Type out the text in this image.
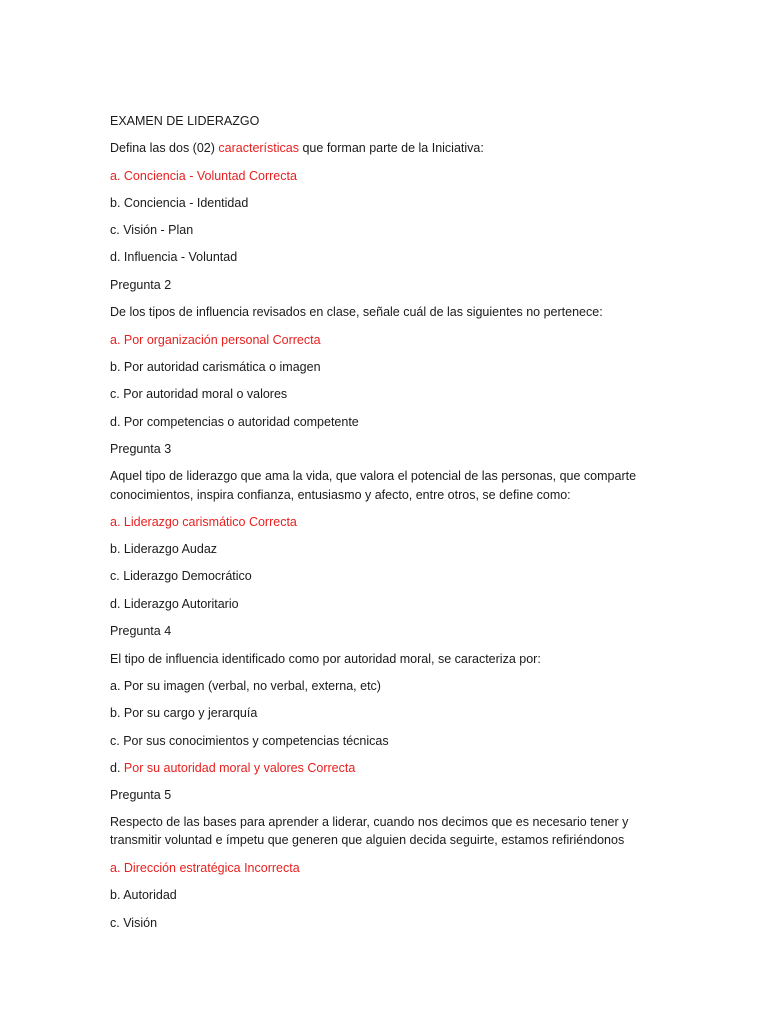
EXAMEN DE LIDERAZGO
Defina las dos (02) características que forman parte de la Iniciativa:
a. Conciencia - Voluntad Correcta
b. Conciencia - Identidad
c. Visión - Plan
d. Influencia - Voluntad
Pregunta 2
De los tipos de influencia revisados en clase, señale cuál de las siguientes no pertenece:
a. Por organización personal Correcta
b. Por autoridad carismática o imagen
c. Por autoridad moral o valores
d. Por competencias o autoridad competente
Pregunta 3
Aquel tipo de liderazgo que ama la vida, que valora el potencial de las personas, que comparte
conocimientos, inspira confianza, entusiasmo y afecto, entre otros, se define como:
a. Liderazgo carismático Correcta
b. Liderazgo Audaz
c. Liderazgo Democrático
d. Liderazgo Autoritario
Pregunta 4
El tipo de influencia identificado como por autoridad moral, se caracteriza por:
a. Por su imagen (verbal, no verbal, externa, etc)
b. Por su cargo y jerarquía
c. Por sus conocimientos y competencias técnicas
d. Por su autoridad moral y valores Correcta
Pregunta 5
Respecto de las bases para aprender a liderar, cuando nos decimos que es necesario tener y
transmitir voluntad e ímpetu que generen que alguien decida seguirte, estamos refiriéndonos
a. Dirección estratégica Incorrecta
b. Autoridad
c. Visión
